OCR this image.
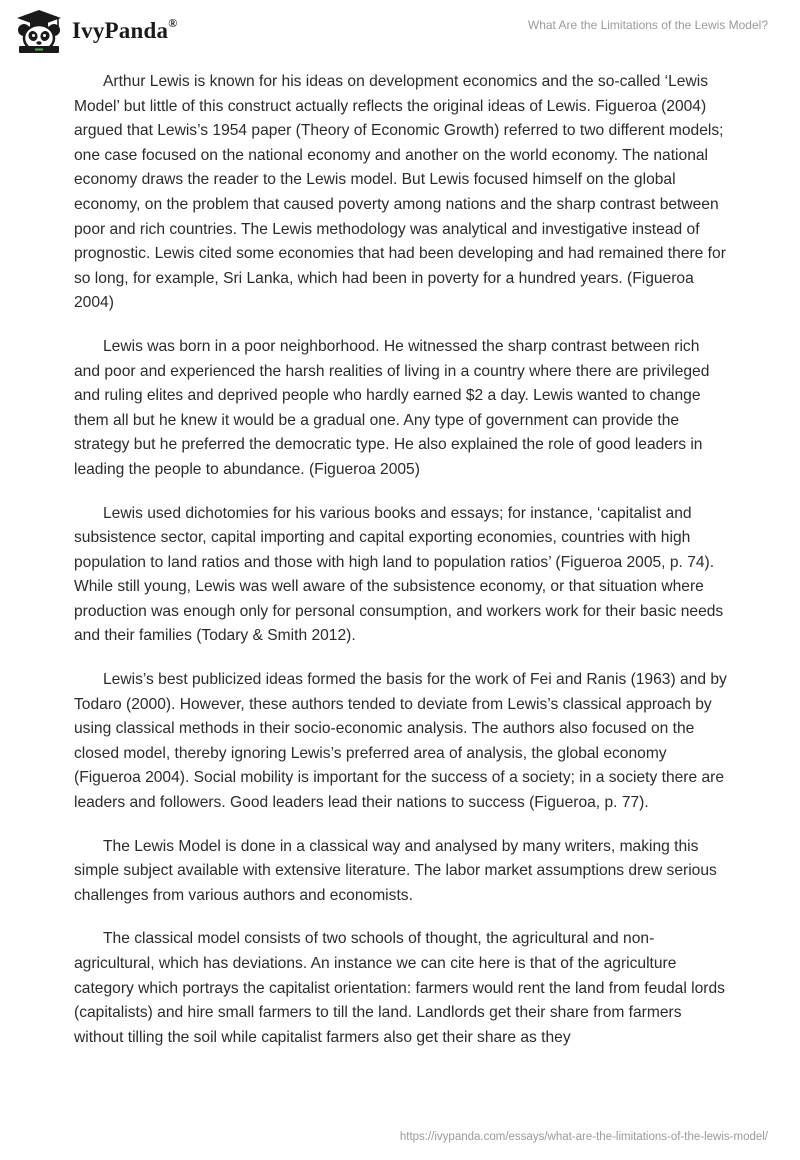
IvyPanda®	What Are the Limitations of the Lewis Model?

Arthur Lewis is known for his ideas on development economics and the so-called ‘Lewis Model’ but little of this construct actually reflects the original ideas of Lewis. Figueroa (2004) argued that Lewis’s 1954 paper (Theory of Economic Growth) referred to two different models; one case focused on the national economy and another on the world economy. The national economy draws the reader to the Lewis model. But Lewis focused himself on the global economy, on the problem that caused poverty among nations and the sharp contrast between poor and rich countries. The Lewis methodology was analytical and investigative instead of prognostic. Lewis cited some economies that had been developing and had remained there for so long, for example, Sri Lanka, which had been in poverty for a hundred years. (Figueroa 2004)

Lewis was born in a poor neighborhood. He witnessed the sharp contrast between rich and poor and experienced the harsh realities of living in a country where there are privileged and ruling elites and deprived people who hardly earned $2 a day. Lewis wanted to change them all but he knew it would be a gradual one. Any type of government can provide the strategy but he preferred the democratic type. He also explained the role of good leaders in leading the people to abundance. (Figueroa 2005)

Lewis used dichotomies for his various books and essays; for instance, ‘capitalist and subsistence sector, capital importing and capital exporting economies, countries with high population to land ratios and those with high land to population ratios’ (Figueroa 2005, p. 74). While still young, Lewis was well aware of the subsistence economy, or that situation where production was enough only for personal consumption, and workers work for their basic needs and their families (Todary & Smith 2012).

Lewis’s best publicized ideas formed the basis for the work of Fei and Ranis (1963) and by Todaro (2000). However, these authors tended to deviate from Lewis’s classical approach by using classical methods in their socio-economic analysis. The authors also focused on the closed model, thereby ignoring Lewis’s preferred area of analysis, the global economy (Figueroa 2004). Social mobility is important for the success of a society; in a society there are leaders and followers. Good leaders lead their nations to success (Figueroa, p. 77).

The Lewis Model is done in a classical way and analysed by many writers, making this simple subject available with extensive literature. The labor market assumptions drew serious challenges from various authors and economists.

The classical model consists of two schools of thought, the agricultural and non-agricultural, which has deviations. An instance we can cite here is that of the agriculture category which portrays the capitalist orientation: farmers would rent the land from feudal lords (capitalists) and hire small farmers to till the land. Landlords get their share from farmers without tilling the soil while capitalist farmers also get their share as they

https://ivypanda.com/essays/what-are-the-limitations-of-the-lewis-model/
